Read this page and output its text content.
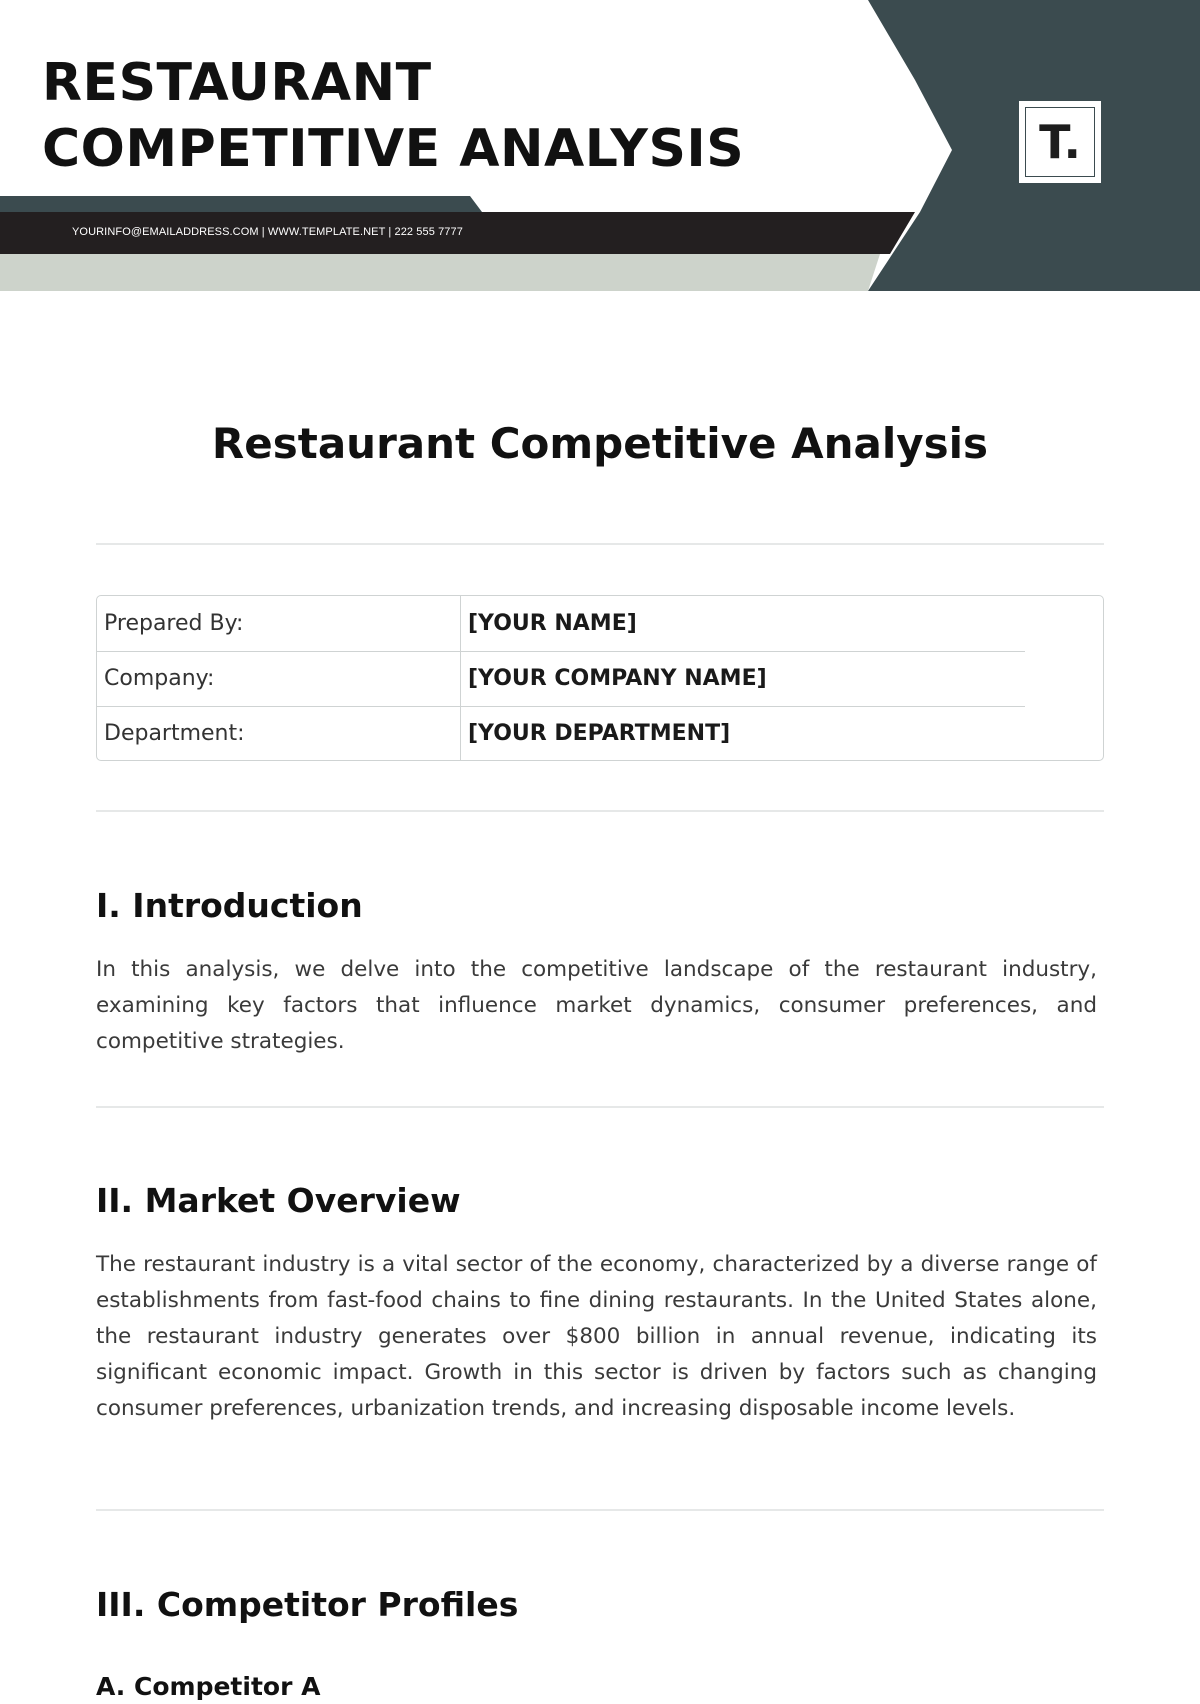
RESTAURANT COMPETITIVE ANALYSIS
YOURINFO@EMAILADDRESS.COM | WWW.TEMPLATE.NET | 222 555 7777
T.
Restaurant Competitive Analysis
Prepared By:	[YOUR NAME]
Company:	[YOUR COMPANY NAME]
Department:	[YOUR DEPARTMENT]
I. Introduction

In this analysis, we delve into the competitive landscape of the restaurant industry, examining key factors that influence market dynamics, consumer preferences, and competitive strategies.

II. Market Overview

The restaurant industry is a vital sector of the economy, characterized by a diverse range of establishments from fast-food chains to fine dining restaurants. In the United States alone, the restaurant industry generates over $800 billion in annual revenue, indicating its significant economic impact. Growth in this sector is driven by factors such as changing consumer preferences, urbanization trends, and increasing disposable income levels.

III. Competitor Profiles
A. Competitor A
